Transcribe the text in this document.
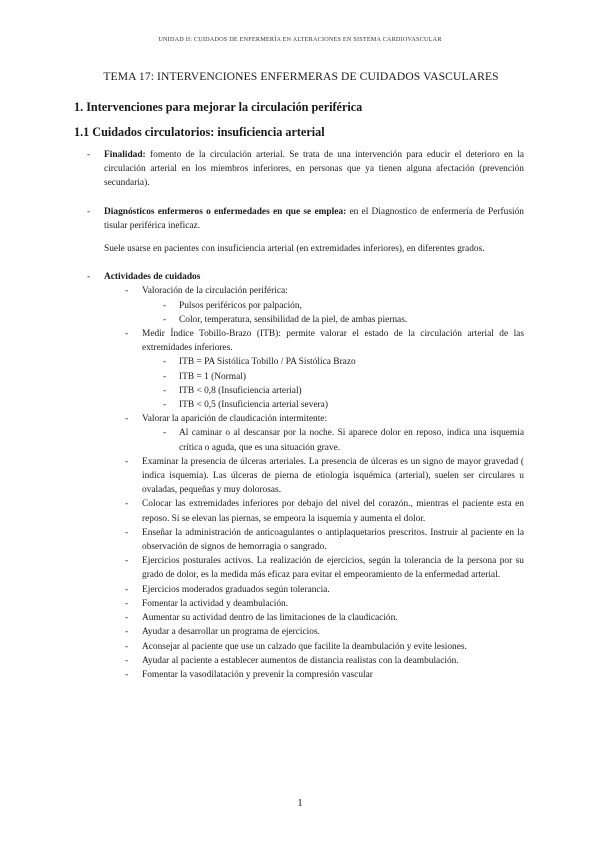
UNIDAD II: CUIDADOS DE ENFERMERÍA EN ALTERACIONES EN SISTEMA CARDIOVASCULAR
TEMA 17: INTERVENCIONES ENFERMERAS DE CUIDADOS VASCULARES
1. Intervenciones para mejorar la circulación periférica
1.1 Cuidados circulatorios: insuficiencia arterial
- Finalidad: fomento de la circulación arterial. Se trata de una intervención para educir el deterioro en la circulación arterial en los miembros inferiores, en personas que ya tienen alguna afectación (prevención secundaria).

- Diagnósticos enfermeros o enfermedades en que se emplea: en el Diagnostico de enfermería de Perfusión tisular periférica ineficaz.

Suele usarse en pacientes con insuficiencia arterial (en extremidades inferiores), en diferentes grados.

- Actividades de cuidados

- Valoración de la circulación periférica:

- Pulsos periféricos por palpación,

- Color, temperatura, sensibilidad de la piel, de ambas piernas.

- Medir Índice Tobillo-Brazo (ITB): permite valorar el estado de la circulación arterial de las extremidades inferiores.

- ITB = PA Sistólica Tobillo / PA Sistólica Brazo

- ITB = 1 (Normal)

- ITB < 0,8 (Insuficiencia arterial)

- ITB < 0,5 (Insuficiencia arterial severa)

- Valorar la aparición de claudicación intermitente:

- Al caminar o al descansar por la noche. Si aparece dolor en reposo, indica una isquemia crítica o aguda, que es una situación grave.

- Examinar la presencia de úlceras arteriales. La presencia de úlceras es un signo de mayor gravedad ( indica isquemia). Las úlceras de pierna de etiología isquémica (arterial), suelen ser circulares u ovaladas, pequeñas y muy dolorosas.

- Colocar las extremidades inferiores por debajo del nivel del corazón., mientras el paciente esta en reposo. Si se elevan las piernas, se empeora la isquemia y aumenta el dolor.

- Enseñar la administración de anticoagulantes o antiplaquetarios prescritos. Instruir al paciente en la observación de signos de hemorragia o sangrado.

- Ejercicios posturales activos. La realización de ejercicios, según la tolerancia de la persona por su grado de dolor, es la medida más eficaz para evitar el empeoramiento de la enfermedad arterial.

- Ejercicios moderados graduados según tolerancia.

- Fomentar la actividad y deambulación.

- Aumentar su actividad dentro de las limitaciones de la claudicación.

- Ayudar a desarrollar un programa de ejercicios.

- Aconsejar al paciente que use un calzado que facilite la deambulación y evite lesiones.

- Ayudar al paciente a establecer aumentos de distancia realistas con la deambulación.

- Fomentar la vasodilatación y prevenir la compresión vascular

1
